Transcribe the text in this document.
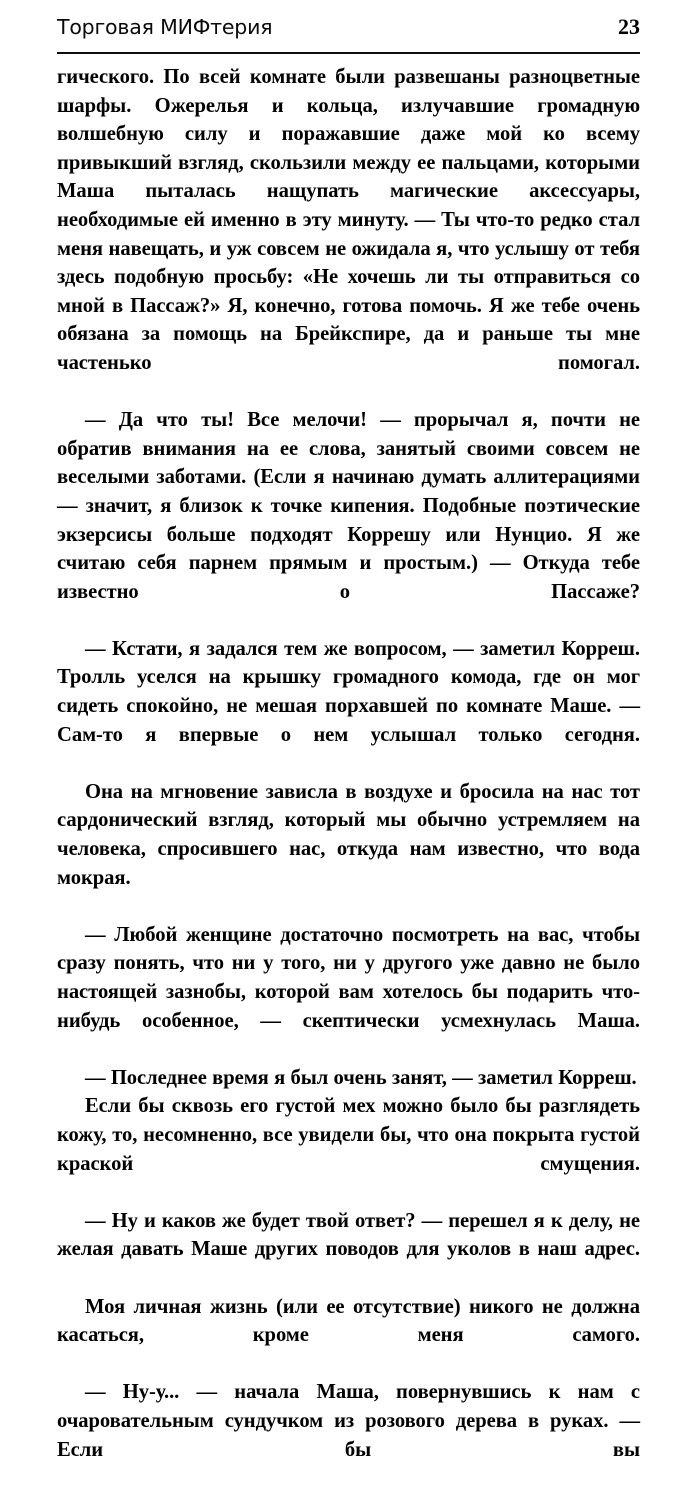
Торговая МИФтерия	23

гического. По всей комнате были развешаны разноцветные шарфы. Ожерелья и кольца, излучавшие громадную волшебную силу и поражавшие даже мой ко всему привыкший взгляд, скользили между ее пальцами, которыми Маша пыталась нащупать магические аксессуары, необходимые ей именно в эту минуту. — Ты что-то редко стал меня навещать, и уж совсем не ожидала я, что услышу от тебя здесь подобную просьбу: «Не хочешь ли ты отправиться со мной в Пассаж?» Я, конечно, готова помочь. Я же тебе очень обязана за помощь на Брейкспире, да и раньше ты мне частенько помогал.

— Да что ты! Все мелочи! — прорычал я, почти не обратив внимания на ее слова, занятый своими совсем не веселыми заботами. (Если я начинаю думать аллитерациями — значит, я близок к точке кипения. Подобные поэтические экзерсисы больше подходят Коррешу или Нунцио. Я же считаю себя парнем прямым и простым.) — Откуда тебе известно о Пассаже?

— Кстати, я задался тем же вопросом, — заметил Корреш. Тролль уселся на крышку громадного комода, где он мог сидеть спокойно, не мешая порхавшей по комнате Маше. — Сам-то я впервые о нем услышал только сегодня.

Она на мгновение зависла в воздухе и бросила на нас тот сардонический взгляд, который мы обычно устремляем на человека, спросившего нас, откуда нам известно, что вода мокрая.

— Любой женщине достаточно посмотреть на вас, чтобы сразу понять, что ни у того, ни у другого уже давно не было настоящей зазнобы, которой вам хотелось бы подарить что-нибудь особенное, — скептически усмехнулась Маша.

— Последнее время я был очень занят, — заметил Корреш.

Если бы сквозь его густой мех можно было бы разглядеть кожу, то, несомненно, все увидели бы, что она покрыта густой краской смущения.

— Ну и каков же будет твой ответ? — перешел я к делу, не желая давать Маше других поводов для уколов в наш адрес.

Моя личная жизнь (или ее отсутствие) никого не должна касаться, кроме меня самого.

— Ну-у... — начала Маша, повернувшись к нам с очаровательным сундучком из розового дерева в руках. — Если бы вы
